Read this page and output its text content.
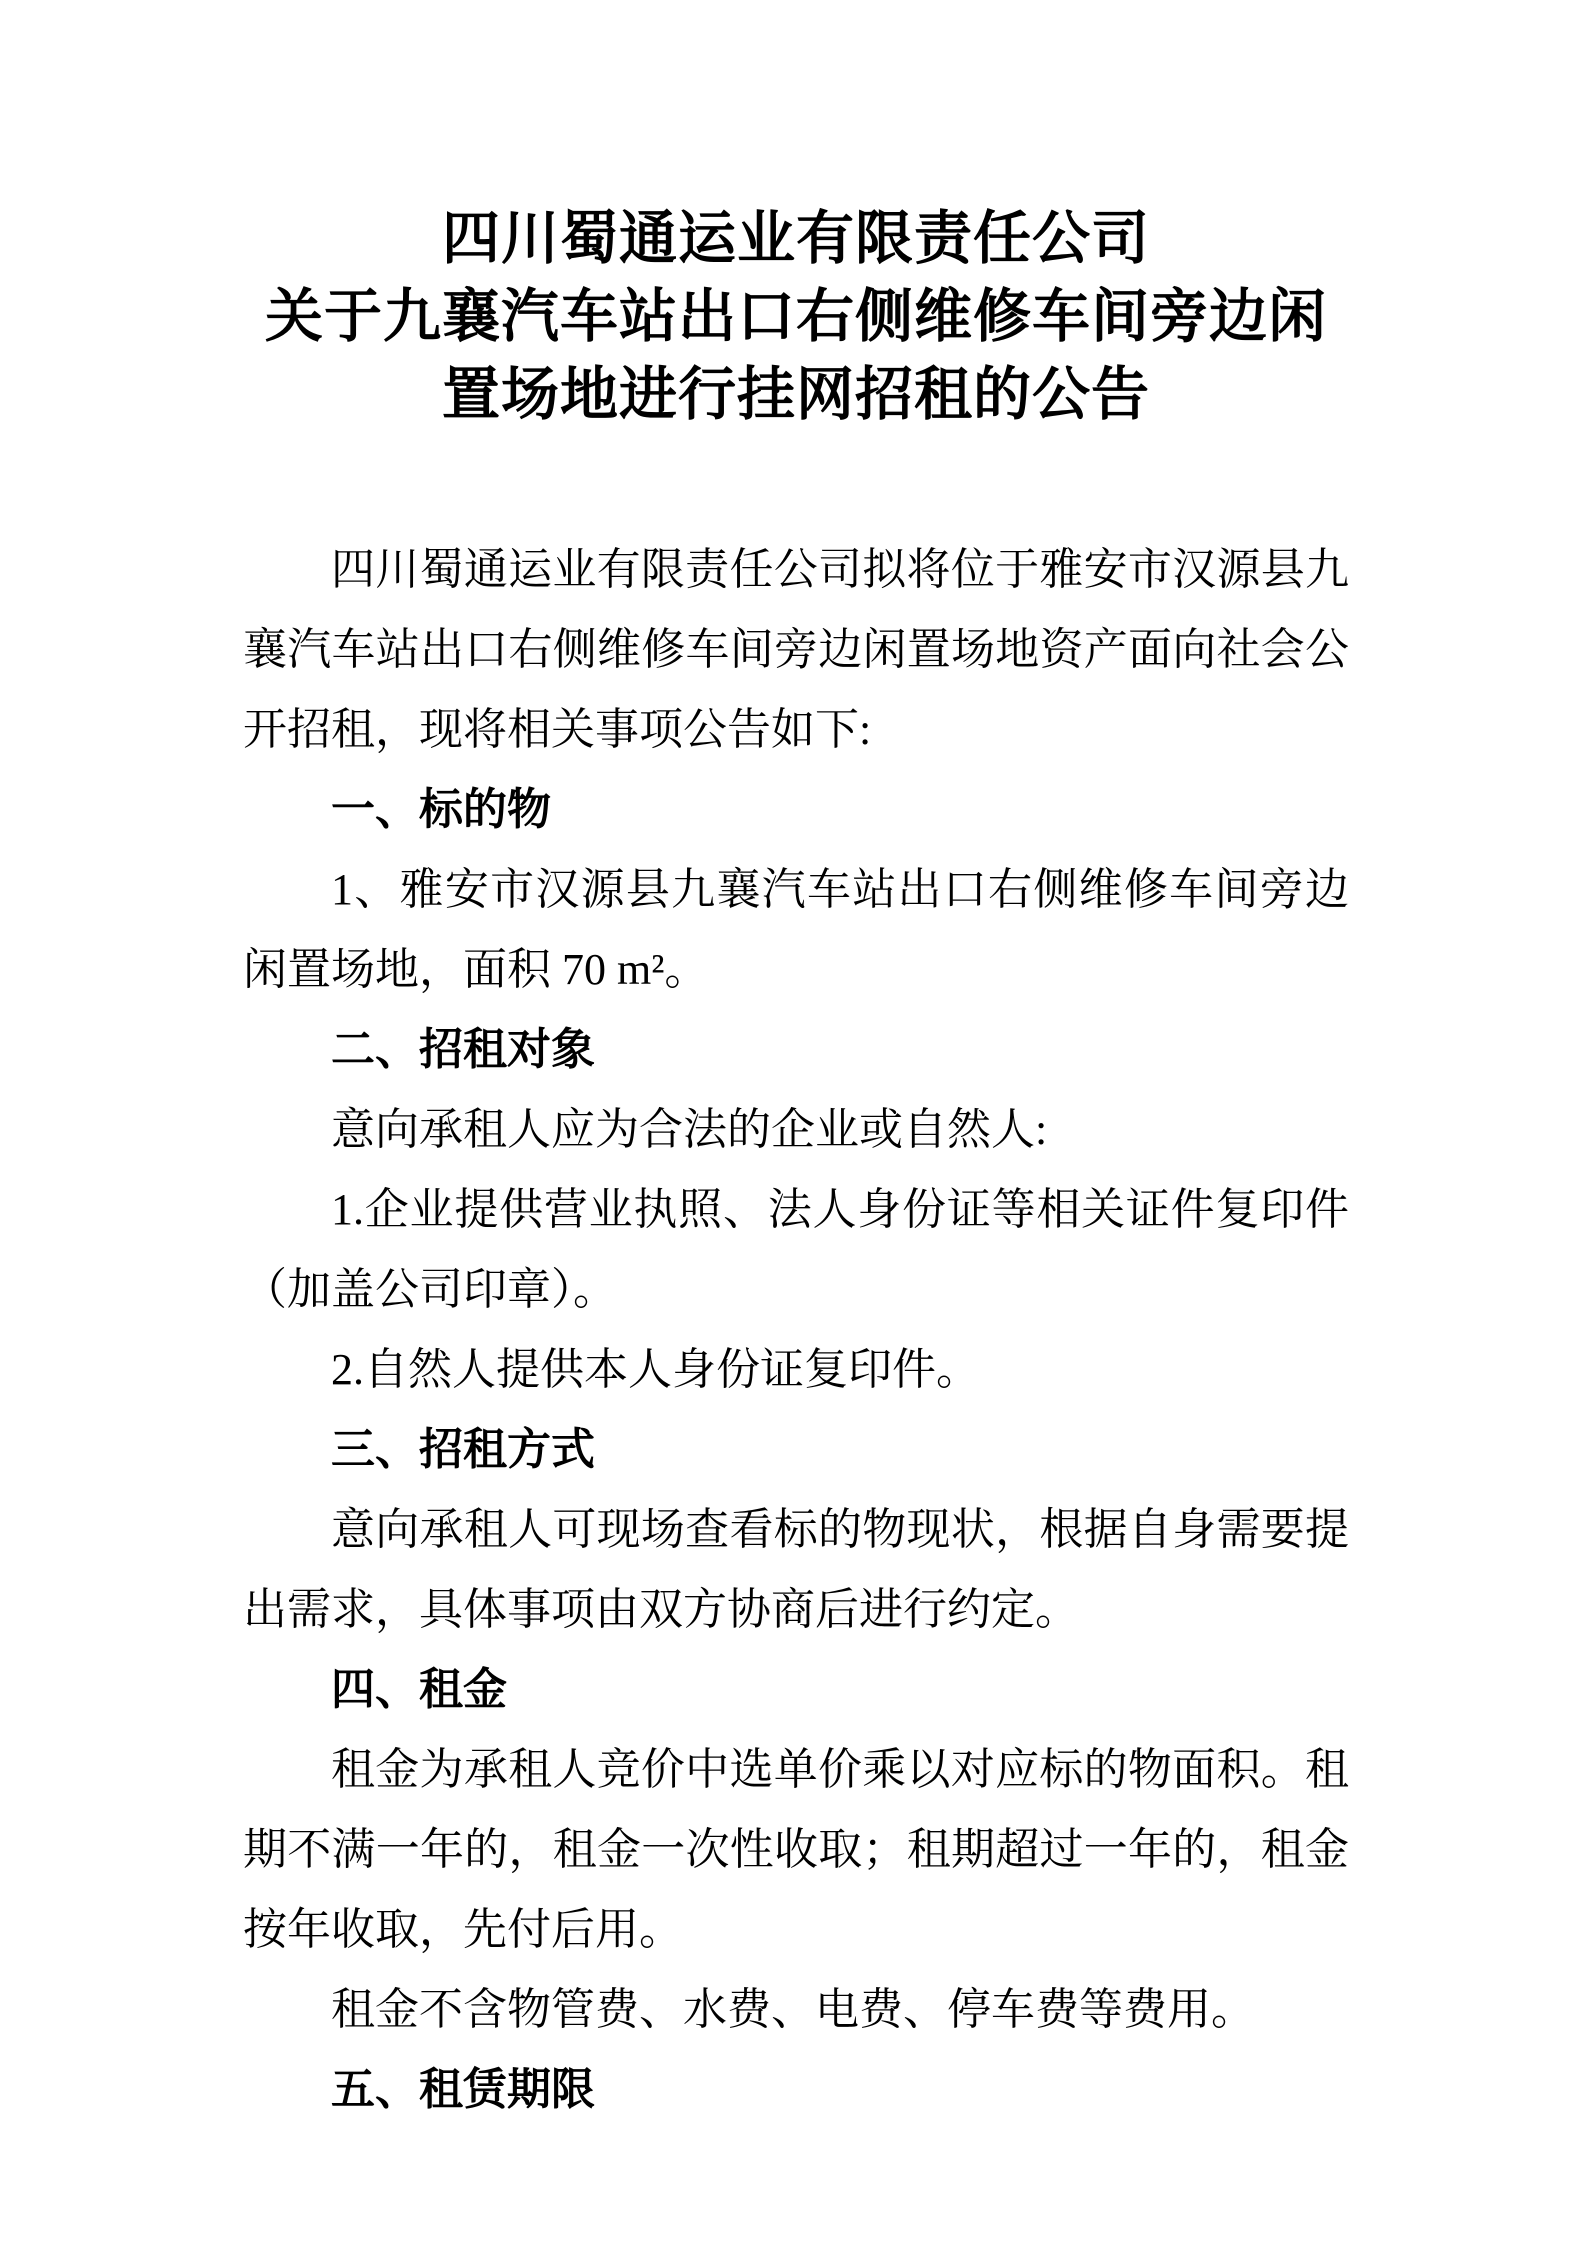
四川蜀通运业有限责任公司
关于九襄汽车站出口右侧维修车间旁边闲
置场地进行挂网招租的公告

四川蜀通运业有限责任公司拟将位于雅安市汉源县九襄汽车站出口右侧维修车间旁边闲置场地资产面向社会公开招租，现将相关事项公告如下:

一、标的物

1、雅安市汉源县九襄汽车站出口右侧维修车间旁边闲置场地，面积 70 m²。

二、招租对象

意向承租人应为合法的企业或自然人:

1.企业提供营业执照、法人身份证等相关证件复印件（加盖公司印章）。

2.自然人提供本人身份证复印件。

三、招租方式

意向承租人可现场查看标的物现状，根据自身需要提出需求，具体事项由双方协商后进行约定。

四、租金

租金为承租人竞价中选单价乘以对应标的物面积。租期不满一年的，租金一次性收取；租期超过一年的，租金按年收取，先付后用。

租金不含物管费、水费、电费、停车费等费用。

五、租赁期限
